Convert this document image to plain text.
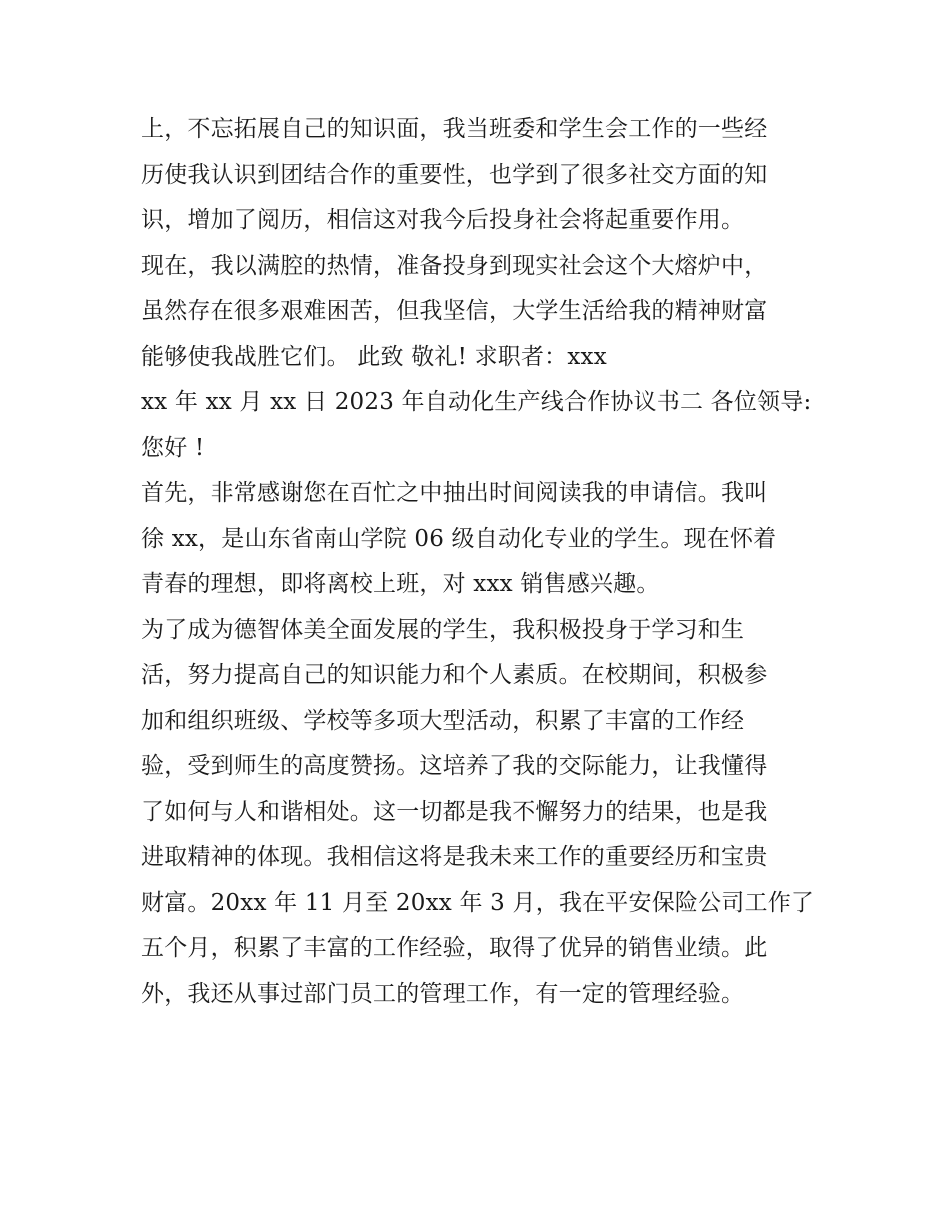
上，不忘拓展自己的知识面，我当班委和学生会工作的一些经
历使我认识到团结合作的重要性，也学到了很多社交方面的知
识，增加了阅历，相信这对我今后投身社会将起重要作用。
现在，我以满腔的热情，准备投身到现实社会这个大熔炉中，
虽然存在很多艰难困苦，但我坚信，大学生活给我的精神财富
能够使我战胜它们。 此致 敬礼! 求职者：xxx
xx 年 xx 月 xx 日 2023 年自动化生产线合作协议书二 各位领导:
您好 !
首先，非常感谢您在百忙之中抽出时间阅读我的申请信。我叫
徐 xx，是山东省南山学院 06 级自动化专业的学生。现在怀着
青春的理想，即将离校上班，对 xxx 销售感兴趣。
为了成为德智体美全面发展的学生，我积极投身于学习和生
活，努力提高自己的知识能力和个人素质。在校期间，积极参
加和组织班级、学校等多项大型活动，积累了丰富的工作经
验，受到师生的高度赞扬。这培养了我的交际能力，让我懂得
了如何与人和谐相处。这一切都是我不懈努力的结果，也是我
进取精神的体现。我相信这将是我未来工作的重要经历和宝贵
财富。20xx 年 11 月至 20xx 年 3 月，我在平安保险公司工作了
五个月，积累了丰富的工作经验，取得了优异的销售业绩。此
外，我还从事过部门员工的管理工作，有一定的管理经验。
